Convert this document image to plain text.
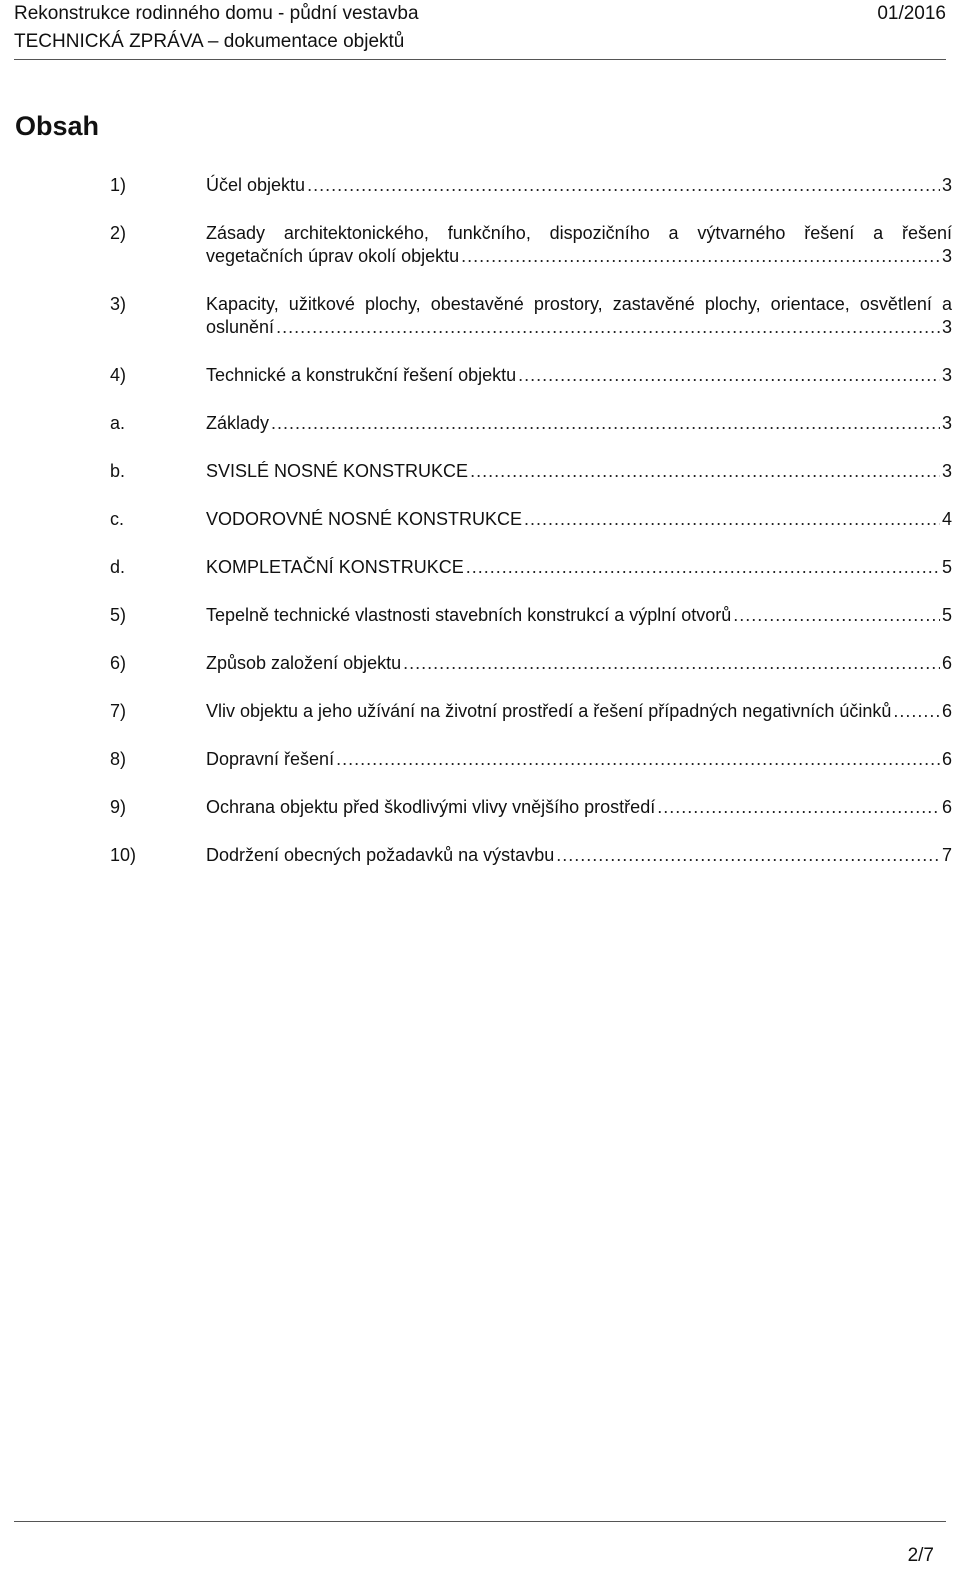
Rekonstrukce rodinného domu - půdní vestavba	01/2016
TECHNICKÁ ZPRÁVA – dokumentace objektů
Obsah
1)	Účel objektu .....	3
2)	Zásady architektonického, funkčního, dispozičního a výtvarného řešení a řešení
vegetačních úprav okolí objektu .....	3
3)	Kapacity, užitkové plochy, obestavěné prostory, zastavěné plochy, orientace, osvětlení a
oslunění .....	3
4)	Technické a konstrukční řešení objektu .....	3
a.	Základy .....	3
b.	SVISLÉ NOSNÉ KONSTRUKCE .....	3
c.	VODOROVNÉ NOSNÉ KONSTRUKCE .....	4
d.	KOMPLETAČNÍ KONSTRUKCE .....	5
5)	Tepelně technické vlastnosti stavebních konstrukcí a výplní otvorů .....	5
6)	Způsob založení objektu .....	6
7)	Vliv objektu a jeho užívání na životní prostředí a řešení případných negativních účinků .....	6
8)	Dopravní řešení .....	6
9)	Ochrana objektu před škodlivými vlivy vnějšího prostředí .....	6
10)	Dodržení obecných požadavků na výstavbu .....	7
2/7
